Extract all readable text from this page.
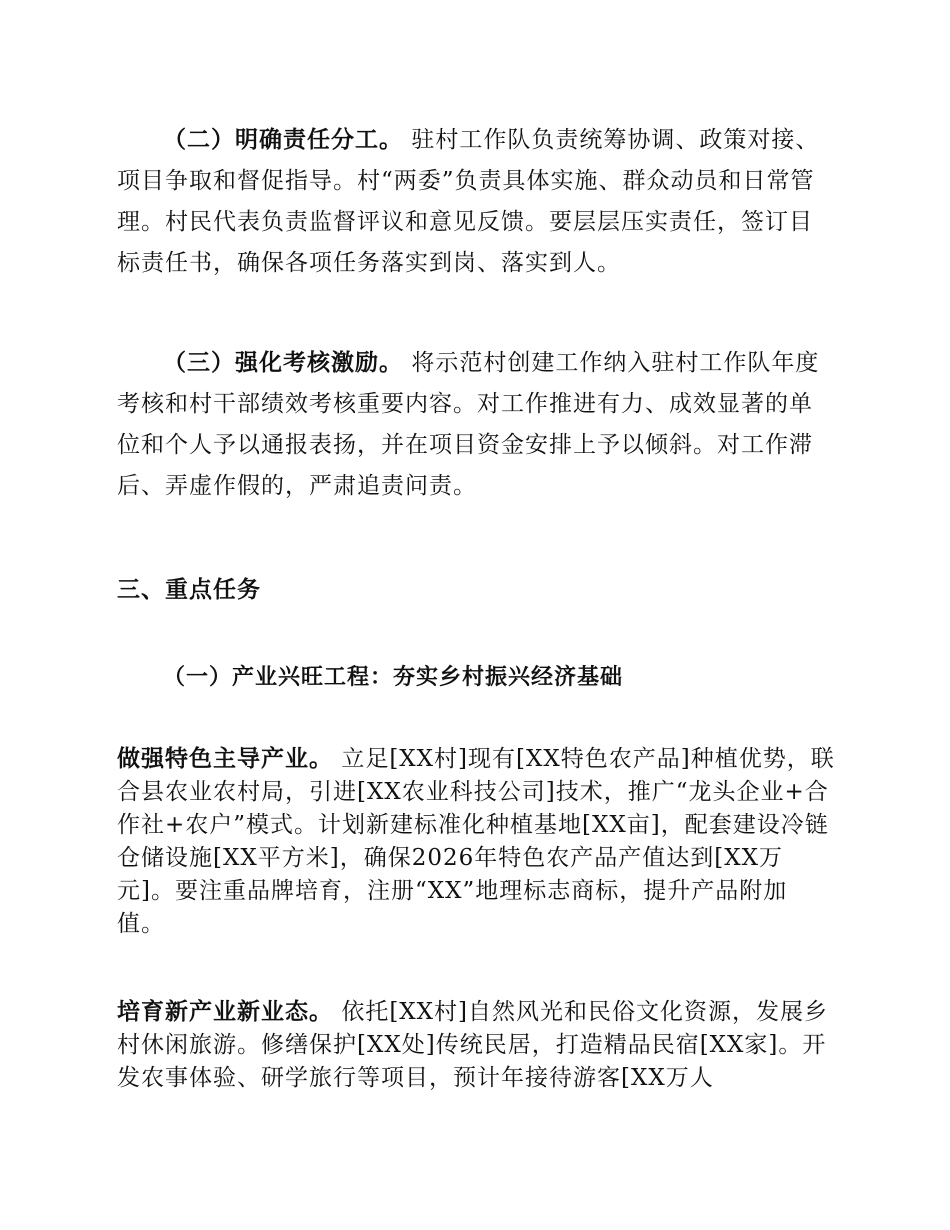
（二）明确责任分工。 驻村工作队负责统筹协调、政策对接、项目争取和督促指导。村“两委”负责具体实施、群众动员和日常管理。村民代表负责监督评议和意见反馈。要层层压实责任，签订目标责任书，确保各项任务落实到岗、落实到人。

（三）强化考核激励。 将示范村创建工作纳入驻村工作队年度考核和村干部绩效考核重要内容。对工作推进有力、成效显著的单位和个人予以通报表扬，并在项目资金安排上予以倾斜。对工作滞后、弄虚作假的，严肃追责问责。

三、重点任务
（一）产业兴旺工程：夯实乡村振兴经济基础

做强特色主导产业。 立足[XX村]现有[XX特色农产品]种植优势，联合县农业农村局，引进[XX农业科技公司]技术，推广“龙头企业+合作社+农户”模式。计划新建标准化种植基地[XX亩]，配套建设冷链仓储设施[XX平方米]，确保2026年特色农产品产值达到[XX万元]。要注重品牌培育，注册“XX”地理标志商标，提升产品附加值。

培育新产业新业态。 依托[XX村]自然风光和民俗文化资源，发展乡村休闲旅游。修缮保护[XX处]传统民居，打造精品民宿[XX家]。开发农事体验、研学旅行等项目，预计年接待游客[XX万人
